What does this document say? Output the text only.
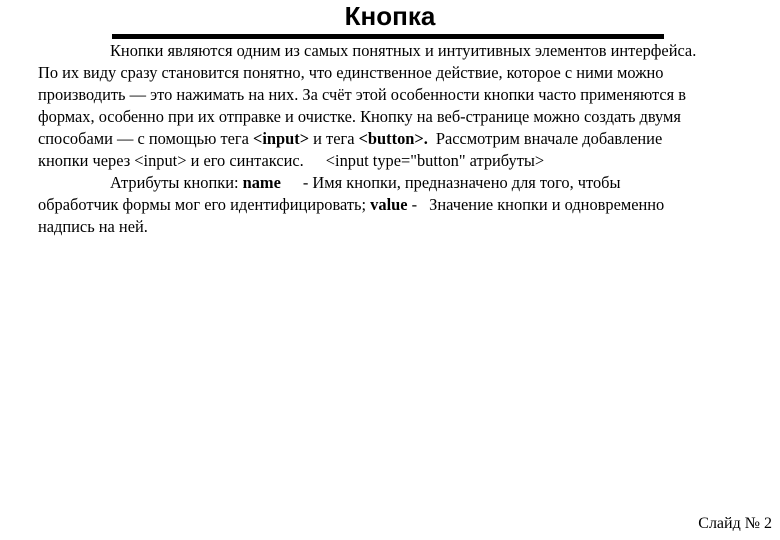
Кнопка
Кнопки являются одним из самых понятных и интуитивных элементов интерфейса.
По их виду сразу становится понятно, что единственное действие, которое с ними можно
производить — это нажимать на них. За счёт этой особенности кнопки часто применяются в
формах, особенно при их отправке и очистке. Кнопку на веб-странице можно создать двумя
способами — с помощью тега <input> и тега <button>. Рассмотрим вначале добавление
кнопки через <input> и его синтаксис. <input type="button" атрибуты>
Атрибуты кнопки: name - Имя кнопки, предназначено для того, чтобы
обработчик формы мог его идентифицировать; value - Значение кнопки и одновременно
надпись на ней.

Слайд № 2
